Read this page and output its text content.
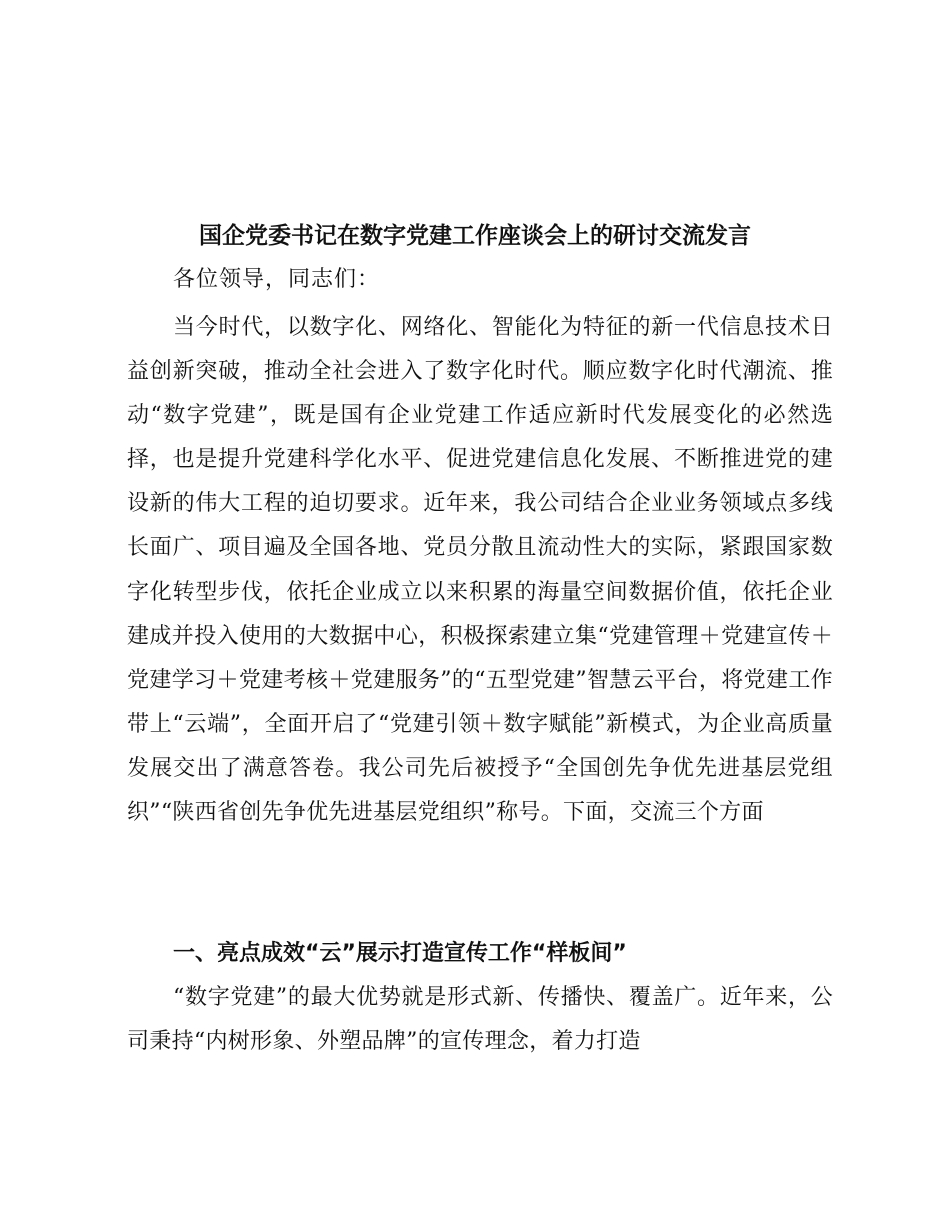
国企党委书记在数字党建工作座谈会上的研讨交流发言

各位领导，同志们：

当今时代，以数字化、网络化、智能化为特征的新一代信息技术日益创新突破，推动全社会进入了数字化时代。顺应数字化时代潮流、推动“数字党建”，既是国有企业党建工作适应新时代发展变化的必然选择，也是提升党建科学化水平、促进党建信息化发展、不断推进党的建设新的伟大工程的迫切要求。近年来，我公司结合企业业务领域点多线长面广、项目遍及全国各地、党员分散且流动性大的实际，紧跟国家数字化转型步伐，依托企业成立以来积累的海量空间数据价值，依托企业建成并投入使用的大数据中心，积极探索建立集“党建管理＋党建宣传＋党建学习＋党建考核＋党建服务”的“五型党建”智慧云平台，将党建工作带上“云端”，全面开启了“党建引领＋数字赋能”新模式，为企业高质量发展交出了满意答卷。我公司先后被授予“全国创先争优先进基层党组织”“陕西省创先争优先进基层党组织”称号。下面，交流三个方面

一、亮点成效“云”展示打造宣传工作“样板间”

“数字党建”的最大优势就是形式新、传播快、覆盖广。近年来，公司秉持“内树形象、外塑品牌”的宣传理念，着力打造
